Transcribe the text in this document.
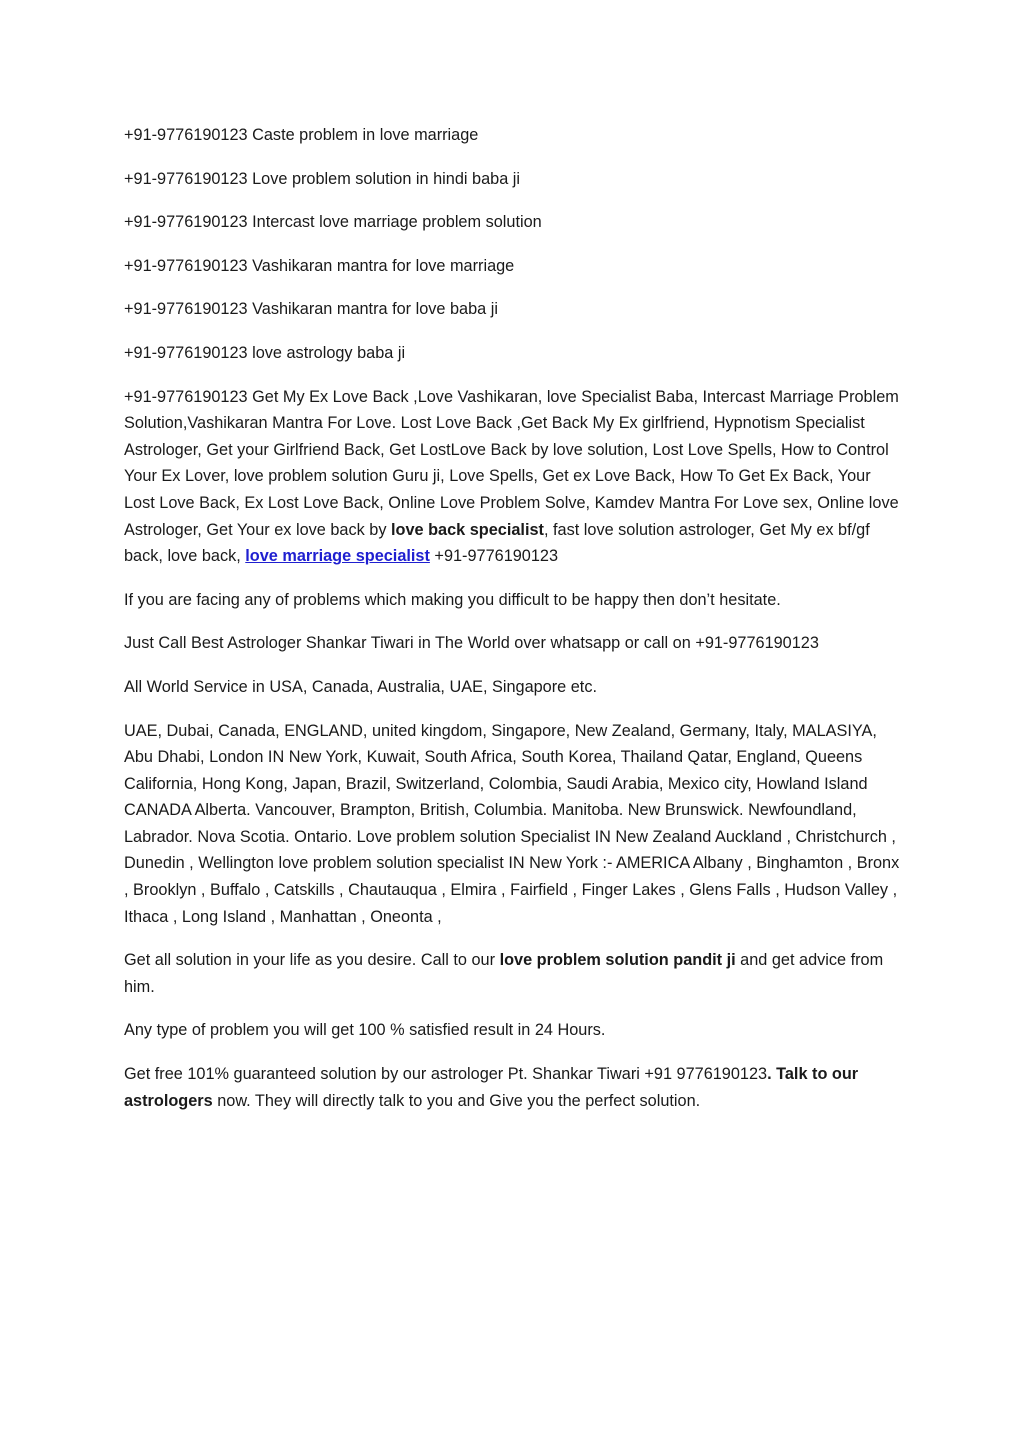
+91-9776190123 Caste problem in love marriage

+91-9776190123 Love problem solution in hindi baba ji

+91-9776190123 Intercast love marriage problem solution

+91-9776190123 Vashikaran mantra for love marriage

+91-9776190123 Vashikaran mantra for love baba ji

+91-9776190123 love astrology baba ji

+91-9776190123 Get My Ex Love Back ,Love Vashikaran, love Specialist Baba, Intercast Marriage Problem Solution,Vashikaran Mantra For Love. Lost Love Back ,Get Back My Ex girlfriend, Hypnotism Specialist Astrologer, Get your Girlfriend Back, Get LostLove Back by love solution, Lost Love Spells, How to Control Your Ex Lover, love problem solution Guru ji, Love Spells, Get ex Love Back, How To Get Ex Back, Your Lost Love Back, Ex Lost Love Back, Online Love Problem Solve, Kamdev Mantra For Love sex, Online love Astrologer, Get Your ex love back by love back specialist, fast love solution astrologer, Get My ex bf/gf back, love back, love marriage specialist +91-9776190123

If you are facing any of problems which making you difficult to be happy then don’t hesitate.

Just Call Best Astrologer Shankar Tiwari in The World over whatsapp or call on +91-9776190123

All World Service in USA, Canada, Australia, UAE, Singapore etc.

UAE, Dubai, Canada, ENGLAND, united kingdom, Singapore, New Zealand, Germany, Italy, MALASIYA, Abu Dhabi, London IN New York, Kuwait, South Africa, South Korea, Thailand Qatar, England, Queens California, Hong Kong, Japan, Brazil, Switzerland, Colombia, Saudi Arabia, Mexico city, Howland Island CANADA Alberta. Vancouver, Brampton, British, Columbia. Manitoba. New Brunswick. Newfoundland, Labrador. Nova Scotia. Ontario. Love problem solution Specialist IN New Zealand Auckland , Christchurch , Dunedin , Wellington love problem solution specialist IN New York :- AMERICA Albany , Binghamton , Bronx , Brooklyn , Buffalo , Catskills , Chautauqua , Elmira , Fairfield , Finger Lakes , Glens Falls , Hudson Valley , Ithaca , Long Island , Manhattan , Oneonta ,

Get all solution in your life as you desire. Call to our love problem solution pandit ji and get advice from him.

Any type of problem you will get 100 % satisfied result in 24 Hours.

Get free 101% guaranteed solution by our astrologer Pt. Shankar Tiwari +91 9776190123. Talk to our astrologers now. They will directly talk to you and Give you the perfect solution.
